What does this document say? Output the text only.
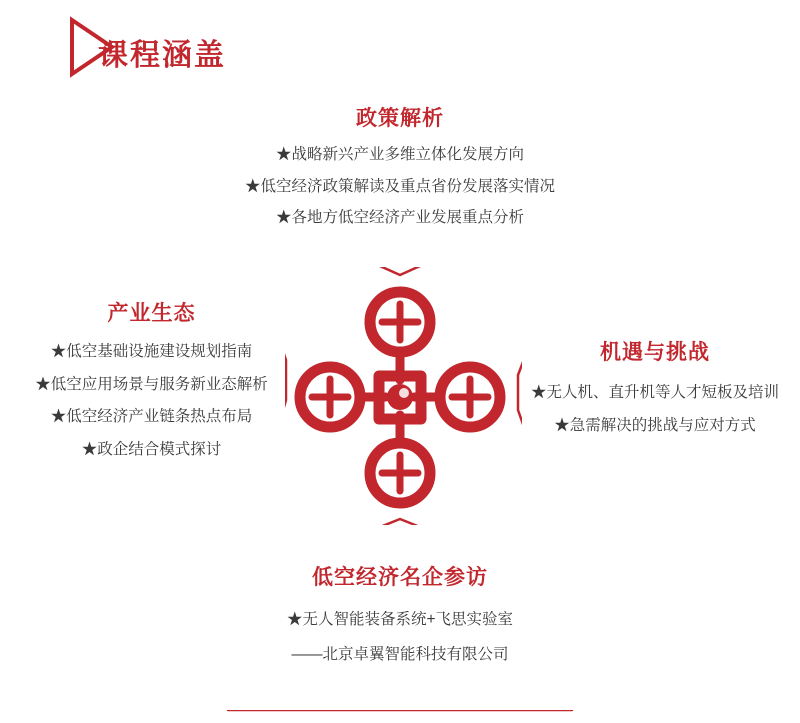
课程涵盖
政策解析
★战略新兴产业多维立体化发展方向
★低空经济政策解读及重点省份发展落实情况
★各地方低空经济产业发展重点分析
产业生态
★低空基础设施建设规划指南
★低空应用场景与服务新业态解析
★低空经济产业链条热点布局
★政企结合模式探讨
机遇与挑战
★无人机、直升机等人才短板及培训
★急需解决的挑战与应对方式
低空经济名企参访
★无人智能装备系统+飞思实验室
——北京卓翼智能科技有限公司
